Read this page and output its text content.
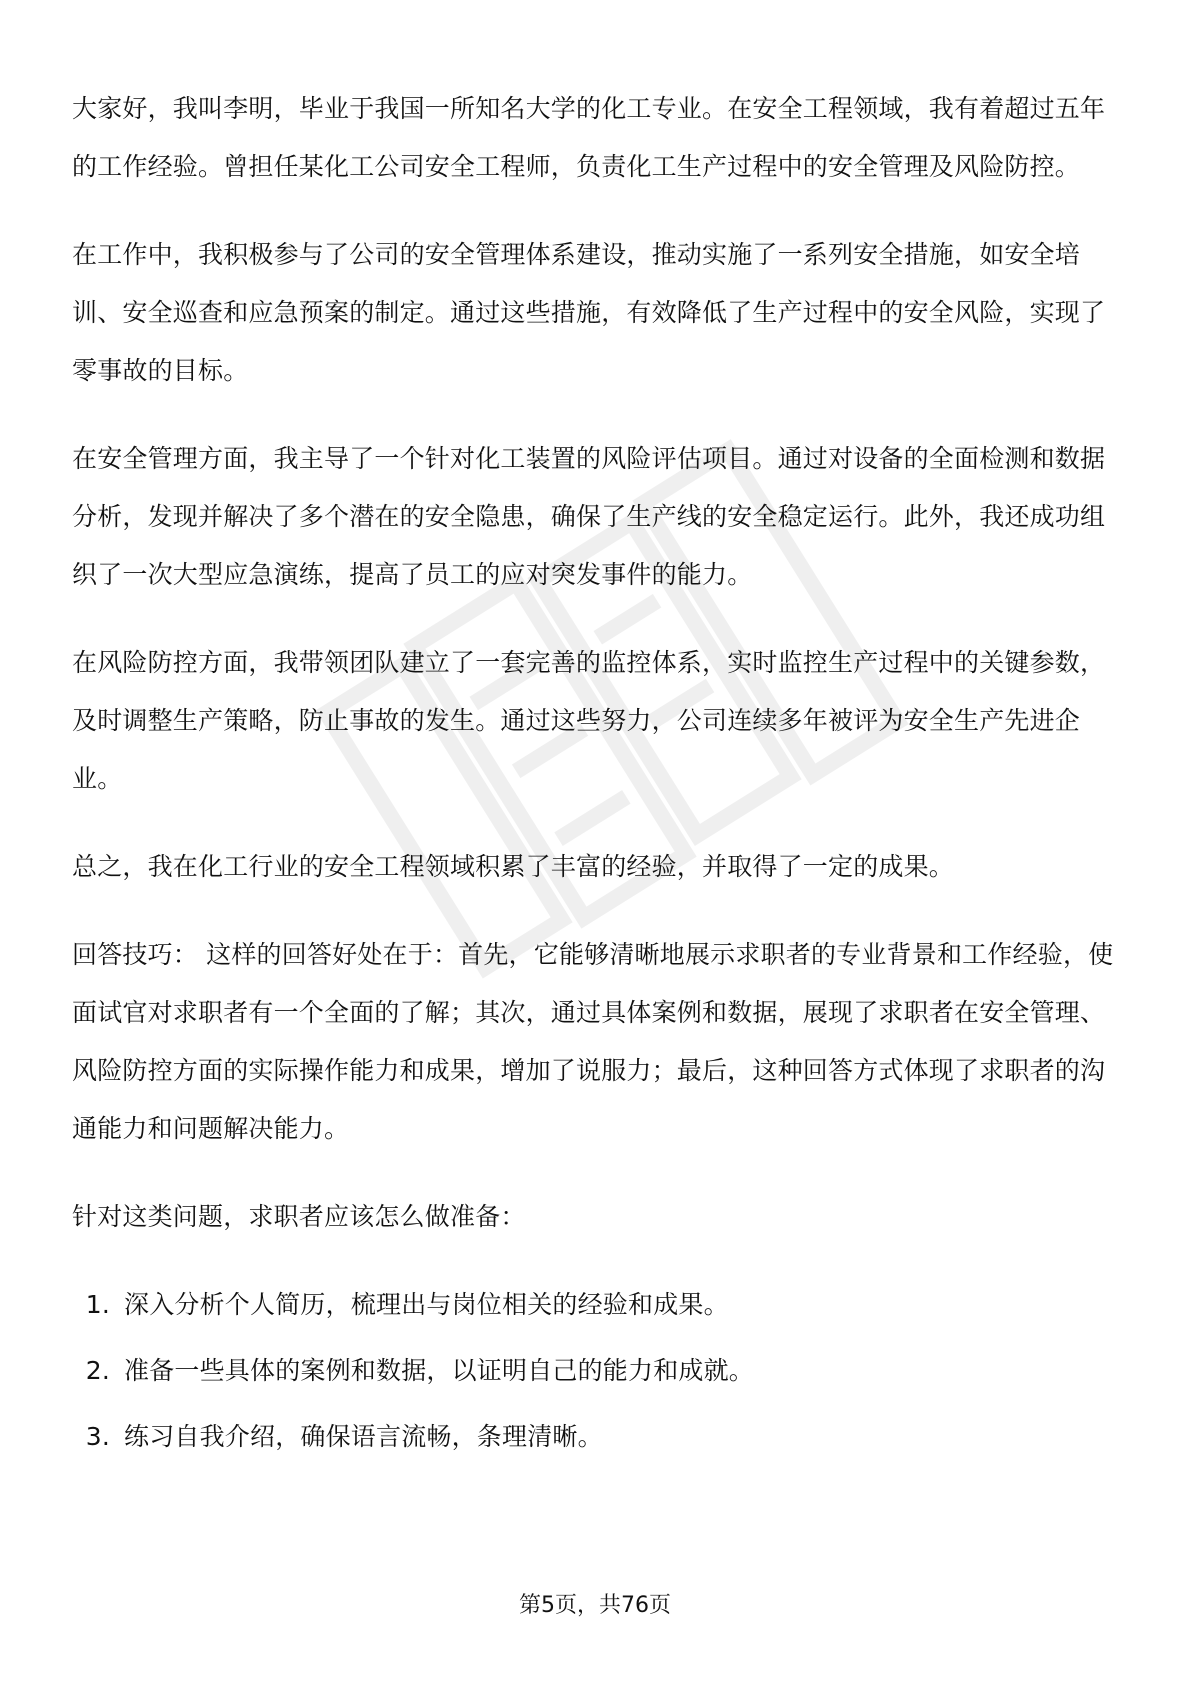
大家好，我叫李明，毕业于我国一所知名大学的化工专业。在安全工程领域，我有着超过五年的工作经验。曾担任某化工公司安全工程师，负责化工生产过程中的安全管理及风险防控。

在工作中，我积极参与了公司的安全管理体系建设，推动实施了一系列安全措施，如安全培训、安全巡查和应急预案的制定。通过这些措施，有效降低了生产过程中的安全风险，实现了零事故的目标。

在安全管理方面，我主导了一个针对化工装置的风险评估项目。通过对设备的全面检测和数据分析，发现并解决了多个潜在的安全隐患，确保了生产线的安全稳定运行。此外，我还成功组织了一次大型应急演练，提高了员工的应对突发事件的能力。

在风险防控方面，我带领团队建立了一套完善的监控体系，实时监控生产过程中的关键参数，及时调整生产策略，防止事故的发生。通过这些努力，公司连续多年被评为安全生产先进企业。

总之，我在化工行业的安全工程领域积累了丰富的经验，并取得了一定的成果。

回答技巧： 这样的回答好处在于：首先，它能够清晰地展示求职者的专业背景和工作经验，使面试官对求职者有一个全面的了解；其次，通过具体案例和数据，展现了求职者在安全管理、风险防控方面的实际操作能力和成果，增加了说服力；最后，这种回答方式体现了求职者的沟通能力和问题解决能力。

针对这类问题，求职者应该怎么做准备：

1. 深入分析个人简历，梳理出与岗位相关的经验和成果。
2. 准备一些具体的案例和数据，以证明自己的能力和成就。
3. 练习自我介绍，确保语言流畅，条理清晰。
第5页，共76页
